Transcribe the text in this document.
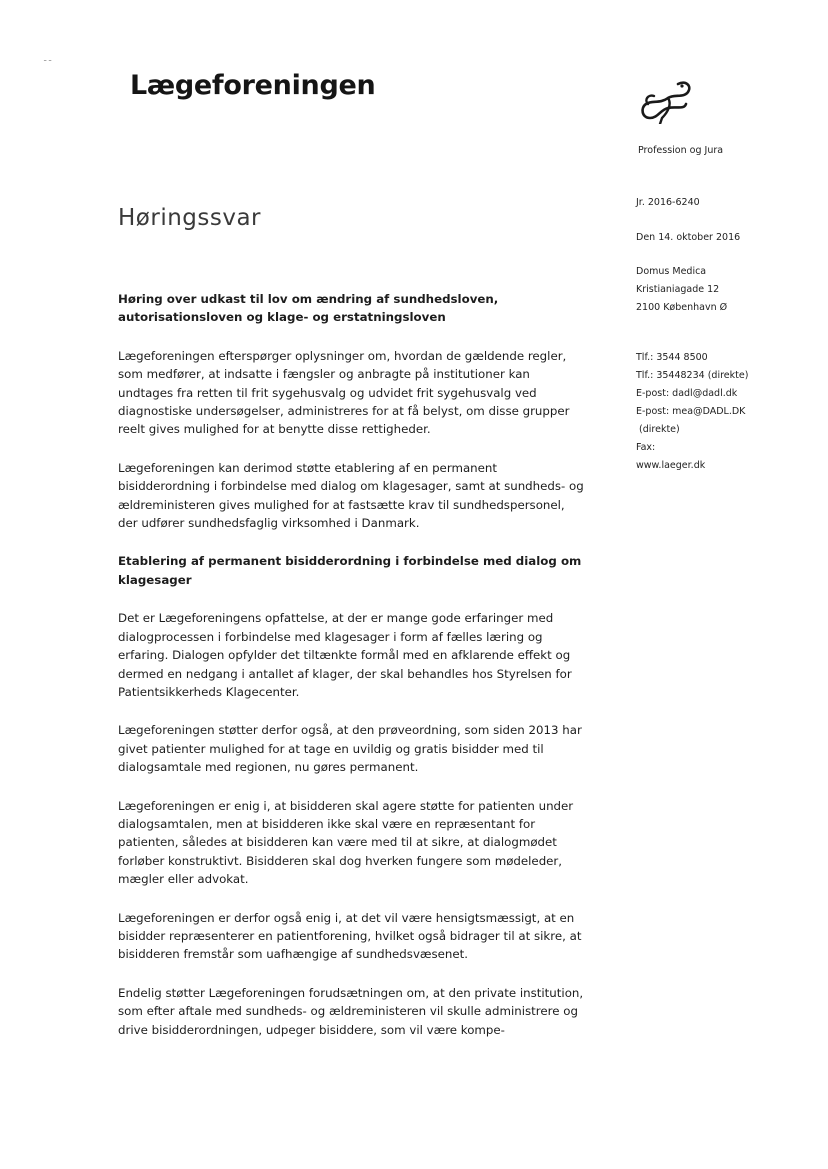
ـ ـ
Lægeforeningen
Profession og Jura
Høringssvar
Jr. 2016-6240
Den 14. oktober 2016
Domus Medica
Kristianiagade 12
2100 København Ø
Tlf.: 3544 8500
Tlf.: 35448234 (direkte)
E-post: dadl@dadl.dk
E-post: mea@DADL.DK
(direkte)
Fax:
www.laeger.dk
Høring over udkast til lov om ændring af sundhedsloven, autorisationsloven og klage- og erstatningsloven

Lægeforeningen efterspørger oplysninger om, hvordan de gældende regler, som medfører, at indsatte i fængsler og anbragte på institutioner kan undtages fra retten til frit sygehusvalg og udvidet frit sygehusvalg ved diagnostiske undersøgelser, administreres for at få belyst, om disse grupper reelt gives mulighed for at benytte disse rettigheder.

Lægeforeningen kan derimod støtte etablering af en permanent bisidderordning i forbindelse med dialog om klagesager, samt at sundheds- og ældreministeren gives mulighed for at fastsætte krav til sundhedspersonel, der udfører sundhedsfaglig virksomhed i Danmark.

Etablering af permanent bisidderordning i forbindelse med dialog om klagesager

Det er Lægeforeningens opfattelse, at der er mange gode erfaringer med dialogprocessen i forbindelse med klagesager i form af fælles læring og erfaring. Dialogen opfylder det tiltænkte formål med en afklarende effekt og dermed en nedgang i antallet af klager, der skal behandles hos Styrelsen for Patientsikkerheds Klagecenter.

Lægeforeningen støtter derfor også, at den prøveordning, som siden 2013 har givet patienter mulighed for at tage en uvildig og gratis bisidder med til dialogsamtale med regionen, nu gøres permanent.

Lægeforeningen er enig i, at bisidderen skal agere støtte for patienten under dialogsamtalen, men at bisidderen ikke skal være en repræsentant for patienten, således at bisidderen kan være med til at sikre, at dialogmødet forløber konstruktivt. Bisidderen skal dog hverken fungere som mødeleder, mægler eller advokat.

Lægeforeningen er derfor også enig i, at det vil være hensigtsmæssigt, at en bisidder repræsenterer en patientforening, hvilket også bidrager til at sikre, at bisidderen fremstår som uafhængige af sundhedsvæsenet.

Endelig støtter Lægeforeningen forudsætningen om, at den private institution, som efter aftale med sundheds- og ældreministeren vil skulle administrere og drive bisidderordningen, udpeger bisiddere, som vil være kompe-
